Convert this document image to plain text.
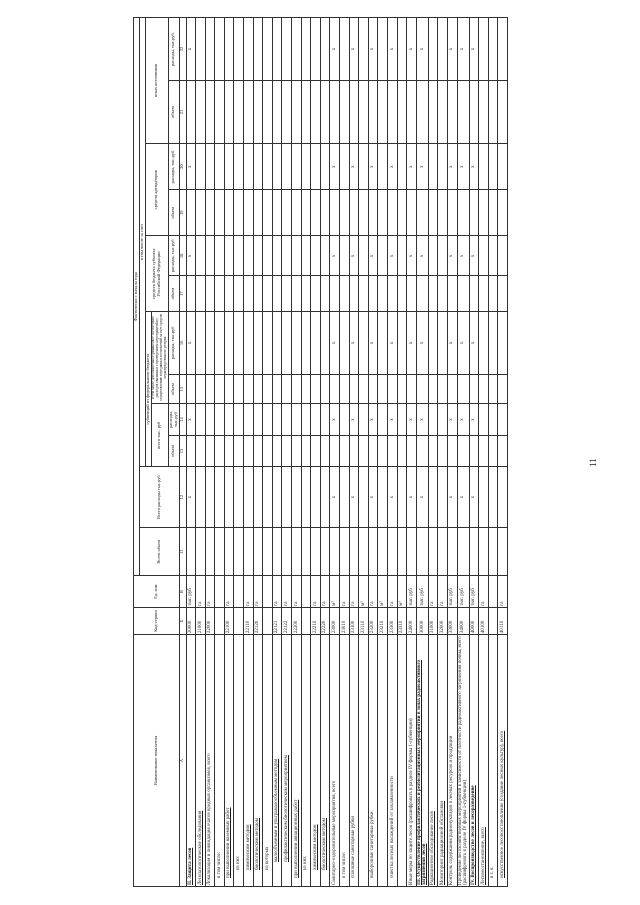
Наименование показателя	Код строки	Ед. изм	Фактически с начала года											
			Всего объем	Всего расходы тыс.руб	в том числе за счет									
					субвенций из федерального бюджета				средств бюджета субъекта Российской Федерации		средств арендаторов		иных источников	
					всего тыс. руб		в том числе дополнительное финансовое обеспечение расходов связанных с проведением мероприятий по осуществлению переданных полномочий за счет средств нераспределенного резерва							
					объем	расходы, тыс.руб	объем	расходы, тыс.руб	объем	расходы, тыс.руб	объем	расходы, тыс.руб.	объем	расходы, тыс.руб.
A	Б	В	11	12	13	14	15	16	17	18	19	20	21	22
II. Защита лесов	20000	тыс. руб		x		x		x		x		x		x
Лесопатологические обследования	21000	га												
Локализация и ликвидация очагов вредных организмов, всего	22000	га												
в том числе:														
при выполнении наземных работ	22100	га												
из них														
химическим методом	22110	га												
биологическим методом	22120	га												
из которых														
малообъемным и ультрамалообъемным методом	22121	га												
профилактическим биологическим мероприятием	22122	га												
при выполнении авиационных работ	22200	га												
из них														
химическим методом	22210	га												
биологическим методом	22220	га												
Санитарно-оздоровительные мероприятия, всего	23000	м³		x		x		x		x		x		x
в том числе:	23010	га												
сплошные санитарные рубки	23100	га		x		x		x		x		x		x
	23110	м³												
выборочные санитарные рубки	23200	га		x		x		x		x		x		x
	23210	м³												
очистка лесных насаждений от захламленности	23300	га		x		x		x		x		x		x
	23310	м³												
Иные меры по защите лесов (расшифровать в разделе IV формы 1-субвенции)	24000	тыс. руб		x		x		x		x		x		x
III. Осуществление профилактических и реабилитационных мероприятий в зонах радиоактивного загрязнения лесов	30000	тыс. руб		x		x		x		x		x		x
Радиационное обследование лесов	31000	га												
Мониторинг радиационной обстановки	32000	га												
Контроль содержания радионуклидов в лесных ресурсах и продукции	33000	тыс. руб		x		x		x		x		x		x
Проведение лесохозяйственных мероприятий в зависимости от плотности радиоактивного загрязнения почвы, всего (расшифровать в разделе IV формы 1-субвенции)	34000	тыс. руб		x		x		x		x		x		x
IV. Воспроизводство лесов и лесоразведение	40000	тыс. руб		x		x		x		x		x		x
Лесовосстановление, всего	40100	га												
в т. ч.														
искусственное лесовосстановление (создание лесных культур), всего	40110	га												
11
